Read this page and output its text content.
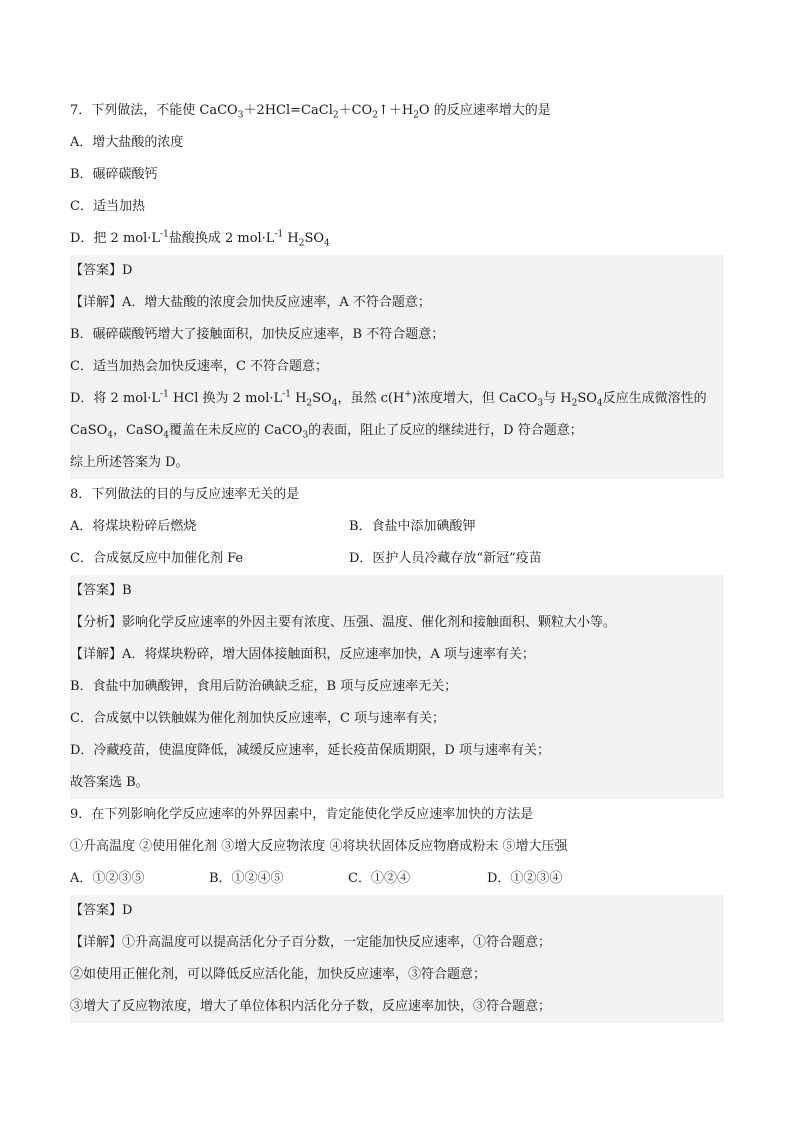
7．下列做法，不能使 $CaCO_3+2HCl=CaCl_2+CO_2↑+H_2O$ 的反应速率增大的是
A．增大盐酸的浓度
B．碾碎碳酸钙
C．适当加热
D．把 2 $mol\cdot L^{-1}$盐酸换成 2 $mol\cdot L^{-1}$ $H_2SO_4$
【答案】D
【详解】A．增大盐酸的浓度会加快反应速率，A 不符合题意；
B．碾碎碳酸钙增大了接触面积，加快反应速率，B 不符合题意；
C．适当加热会加快反速率，C 不符合题意；
D．将 2 $mol\cdot L^{-1}$ HCl 换为 2 $mol\cdot L^{-1}$ $H_2SO_4$，虽然 c(H+)浓度增大，但 CaCO$_3$与 $H_2SO_4$反应生成微溶性的
CaSO$_4$，CaSO$_4$覆盖在未反应的 CaCO$_3$的表面，阻止了反应的继续进行，D 符合题意；
综上所述答案为 D。
8．下列做法的目的与反应速率无关的是
A．将煤块粉碎后燃烧	B．食盐中添加碘酸钾
C．合成氨反应中加催化剂 Fe	D．医护人员冷藏存放“新冠”疫苗
【答案】B
【分析】影响化学反应速率的外因主要有浓度、压强、温度、催化剂和接触面积、颗粒大小等。
【详解】A．将煤块粉碎，增大固体接触面积，反应速率加快，A 项与速率有关；
B．食盐中加碘酸钾，食用后防治碘缺乏症，B 项与反应速率无关；
C．合成氨中以铁触媒为催化剂加快反应速率，C 项与速率有关；
D．冷藏疫苗，使温度降低，减缓反应速率，延长疫苗保质期限，D 项与速率有关；
故答案选 B。
9．在下列影响化学反应速率的外界因素中，肯定能使化学反应速率加快的方法是
①升高温度 ②使用催化剂 ③增大反应物浓度 ④将块状固体反应物磨成粉末 ⑤增大压强
A．①②③⑤	B．①②④⑤	C．①②④	D．①②③④
【答案】D
【详解】①升高温度可以提高活化分子百分数，一定能加快反应速率，①符合题意；
②如使用正催化剂，可以降低反应活化能，加快反应速率，③符合题意；
③增大了反应物浓度，增大了单位体积内活化分子数，反应速率加快，③符合题意；
